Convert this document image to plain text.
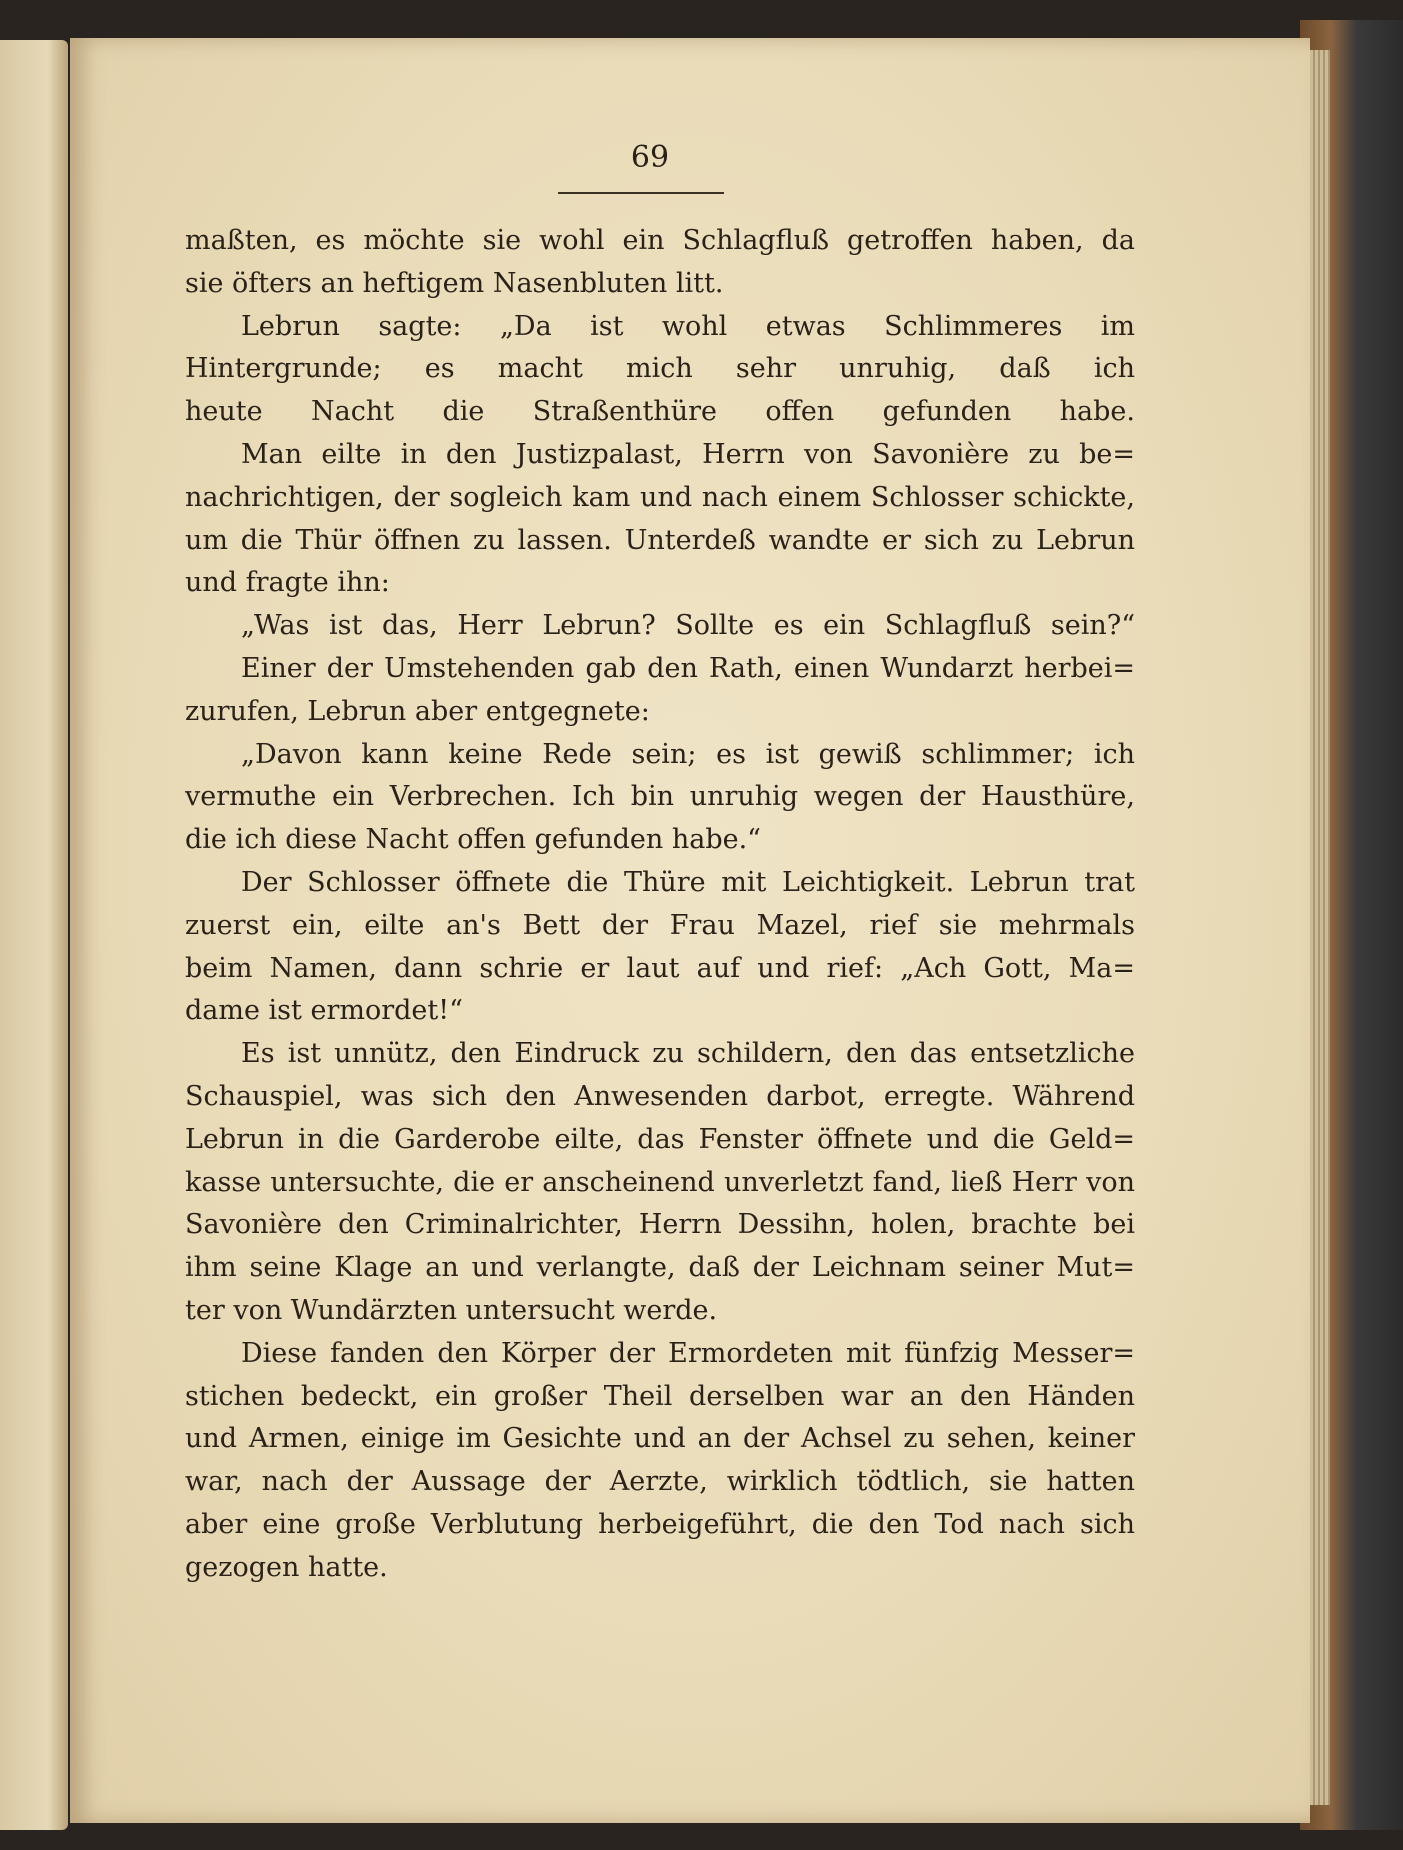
69
maßten, es möchte sie wohl ein Schlagfluß getroffen haben, da
sie öfters an heftigem Nasenbluten litt.
Lebrun sagte: „Da ist wohl etwas Schlimmeres im
Hintergrunde; es macht mich sehr unruhig, daß ich
heute Nacht die Straßenthüre offen gefunden habe.
Man eilte in den Justizpalast, Herrn von Savonière zu be=
nachrichtigen, der sogleich kam und nach einem Schlosser schickte,
um die Thür öffnen zu lassen. Unterdeß wandte er sich zu Lebrun
und fragte ihn:
„Was ist das, Herr Lebrun? Sollte es ein Schlagfluß sein?“
Einer der Umstehenden gab den Rath, einen Wundarzt herbei=
zurufen, Lebrun aber entgegnete:
„Davon kann keine Rede sein; es ist gewiß schlimmer; ich
vermuthe ein Verbrechen. Ich bin unruhig wegen der Hausthüre,
die ich diese Nacht offen gefunden habe.“
Der Schlosser öffnete die Thüre mit Leichtigkeit. Lebrun trat
zuerst ein, eilte an's Bett der Frau Mazel, rief sie mehrmals
beim Namen, dann schrie er laut auf und rief: „Ach Gott, Ma=
dame ist ermordet!“
Es ist unnütz, den Eindruck zu schildern, den das entsetzliche
Schauspiel, was sich den Anwesenden darbot, erregte. Während
Lebrun in die Garderobe eilte, das Fenster öffnete und die Geld=
kasse untersuchte, die er anscheinend unverletzt fand, ließ Herr von
Savonière den Criminalrichter, Herrn Dessihn, holen, brachte bei
ihm seine Klage an und verlangte, daß der Leichnam seiner Mut=
ter von Wundärzten untersucht werde.
Diese fanden den Körper der Ermordeten mit fünfzig Messer=
stichen bedeckt, ein großer Theil derselben war an den Händen
und Armen, einige im Gesichte und an der Achsel zu sehen, keiner
war, nach der Aussage der Aerzte, wirklich tödtlich, sie hatten
aber eine große Verblutung herbeigeführt, die den Tod nach sich
gezogen hatte.
